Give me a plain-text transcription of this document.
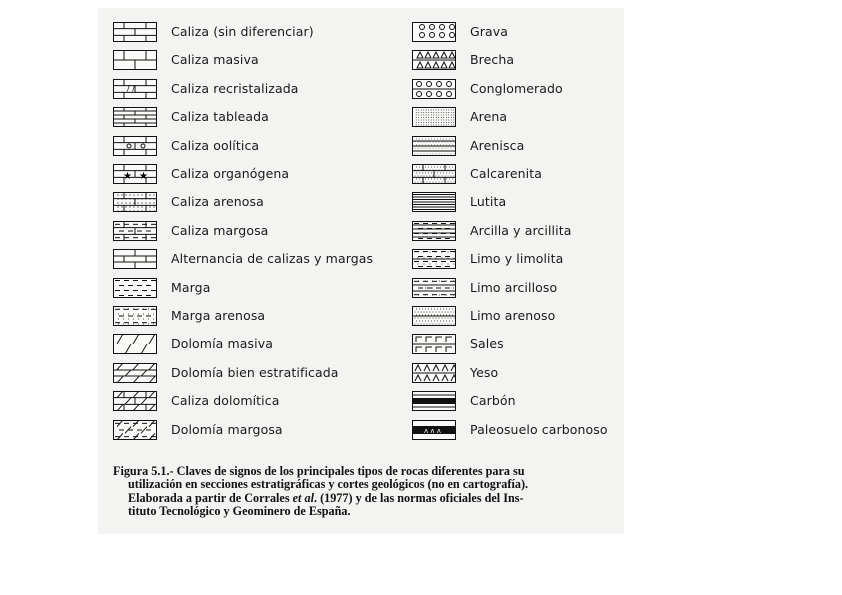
Caliza (sin diferenciar)
Caliza masiva
/ /	Caliza recristalizada
Caliza tableada
Caliza oolítica
★ ★ Caliza organógena
Caliza arenosa
Caliza margosa
Alternancia de calizas y margas
Marga
Marga arenosa
Dolomía masiva
Dolomía bien estratificada
Caliza dolomítica
Dolomía margosa
Grava
Brecha
Conglomerado
Arena
Arenisca
Calcarenita
Lutita
Arcilla y arcillita
Limo y limolita
Limo arcilloso
Limo arenoso
Sales
Yeso
Carbón
ʌ ʌ ʌ Paleosuelo carbonoso
Figura 5.1.- Claves de signos de los principales tipos de rocas diferentes para su
utilización en secciones estratigráficas y cortes geológicos (no en cartografía).
Elaborada a partir de Corrales et al. (1977) y de las normas oficiales del Ins-
tituto Tecnológico y Geominero de España.
